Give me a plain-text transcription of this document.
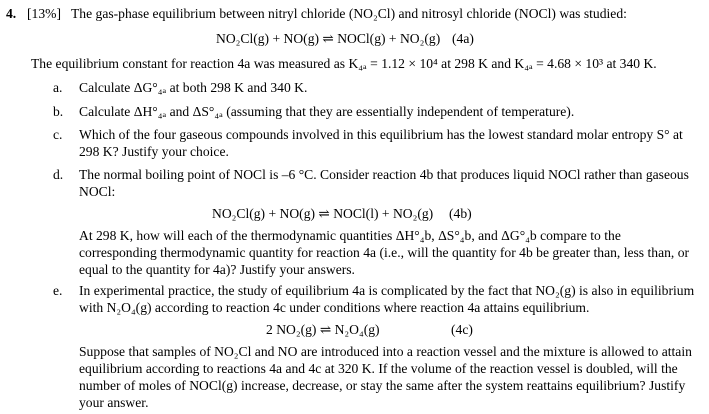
4. [13%] The gas-phase equilibrium between nitryl chloride (NO₂Cl) and nitrosyl chloride (NOCl) was studied:
NO₂Cl(g) + NO(g) ⇌ NOCl(g) + NO₂(g) (4a)
The equilibrium constant for reaction 4a was measured as K₄ₐ = 1.12 × 10⁴ at 298 K and K₄ₐ = 4.68 × 10³ at 340 K.
a. Calculate ΔG°₄ₐ at both 298 K and 340 K.
b. Calculate ΔH°₄ₐ and ΔS°₄ₐ (assuming that they are essentially independent of temperature).
c. Which of the four gaseous compounds involved in this equilibrium has the lowest standard molar entropy S° at 298 K? Justify your choice.
d. The normal boiling point of NOCl is –6 °C. Consider reaction 4b that produces liquid NOCl rather than gaseous NOCl:
NO₂Cl(g) + NO(g) ⇌ NOCl(l) + NO₂(g) (4b)
At 298 K, how will each of the thermodynamic quantities ΔH°₄b, ΔS°₄b, and ΔG°₄b compare to the corresponding thermodynamic quantity for reaction 4a (i.e., will the quantity for 4b be greater than, less than, or equal to the quantity for 4a)? Justify your answers.
e. In experimental practice, the study of equilibrium 4a is complicated by the fact that NO₂(g) is also in equilibrium with N₂O₄(g) according to reaction 4c under conditions where reaction 4a attains equilibrium.
2 NO₂(g) ⇌ N₂O₄(g)	(4c)
Suppose that samples of NO₂Cl and NO are introduced into a reaction vessel and the mixture is allowed to attain equilibrium according to reactions 4a and 4c at 320 K. If the volume of the reaction vessel is doubled, will the number of moles of NOCl(g) increase, decrease, or stay the same after the system reattains equilibrium? Justify your answer.
